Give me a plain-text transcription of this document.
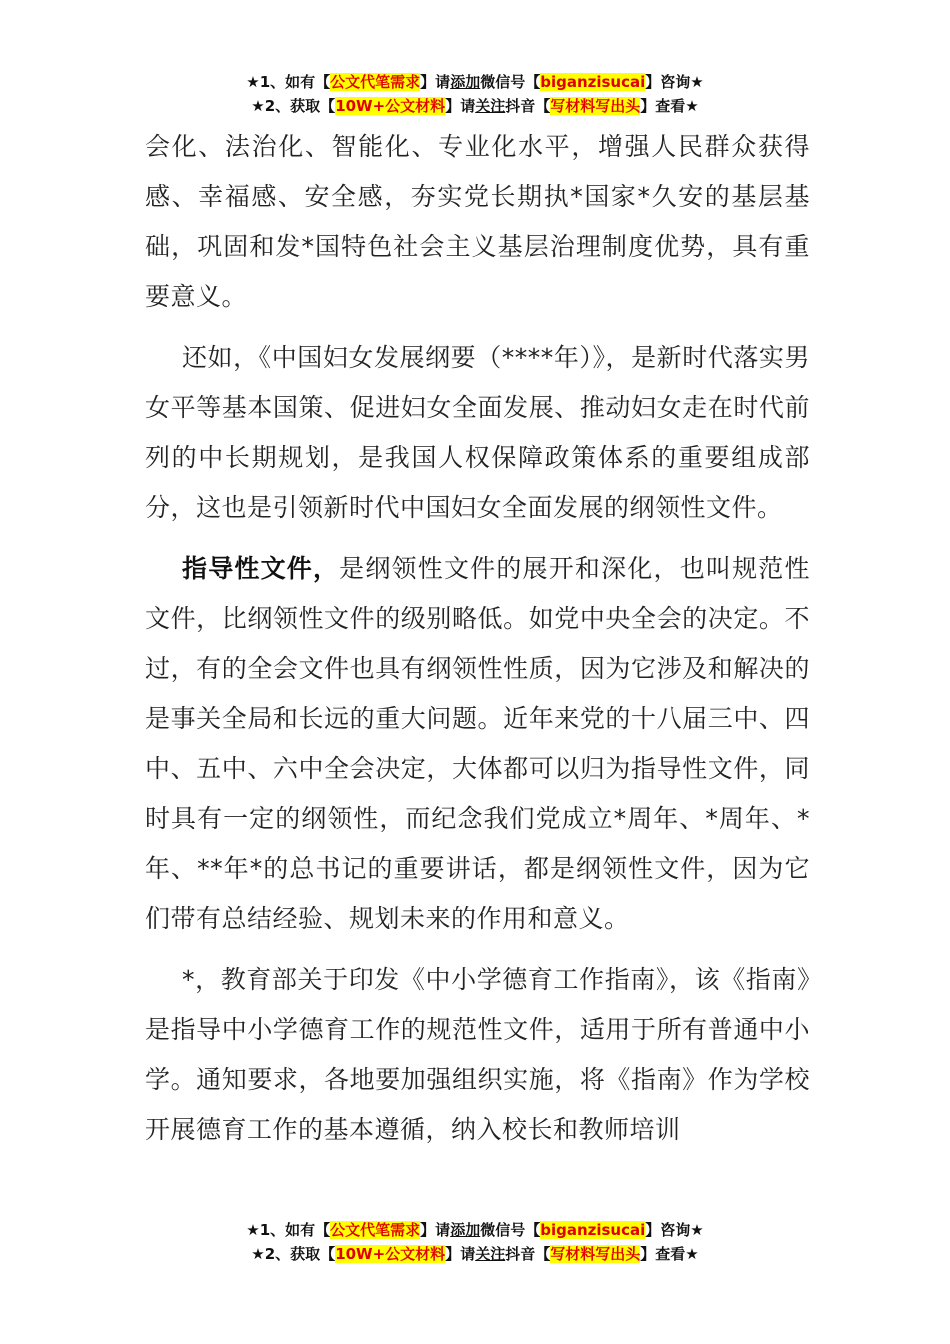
★1、如有【公文代笔需求】请添加微信号【biganzisucai】咨询★
★2、获取【10W+公文材料】请关注抖音【写材料写出头】查看★

会化、法治化、智能化、专业化水平，增强人民群众获得感、幸福感、安全感，夯实党长期执*国家*久安的基层基础，巩固和发*国特色社会主义基层治理制度优势，具有重要意义。

还如，《中国妇女发展纲要（****年）》，是新时代落实男女平等基本国策、促进妇女全面发展、推动妇女走在时代前列的中长期规划，是我国人权保障政策体系的重要组成部分，这也是引领新时代中国妇女全面发展的纲领性文件。

指导性文件，是纲领性文件的展开和深化，也叫规范性文件，比纲领性文件的级别略低。如党中央全会的决定。不过，有的全会文件也具有纲领性性质，因为它涉及和解决的是事关全局和长远的重大问题。近年来党的十八届三中、四中、五中、六中全会决定，大体都可以归为指导性文件，同时具有一定的纲领性，而纪念我们党成立*周年、*周年、*年、**年*的总书记的重要讲话，都是纲领性文件，因为它们带有总结经验、规划未来的作用和意义。

*，教育部关于印发《中小学德育工作指南》，该《指南》是指导中小学德育工作的规范性文件，适用于所有普通中小学。通知要求，各地要加强组织实施，将《指南》作为学校开展德育工作的基本遵循，纳入校长和教师培训

★1、如有【公文代笔需求】请添加微信号【biganzisucai】咨询★
★2、获取【10W+公文材料】请关注抖音【写材料写出头】查看★
